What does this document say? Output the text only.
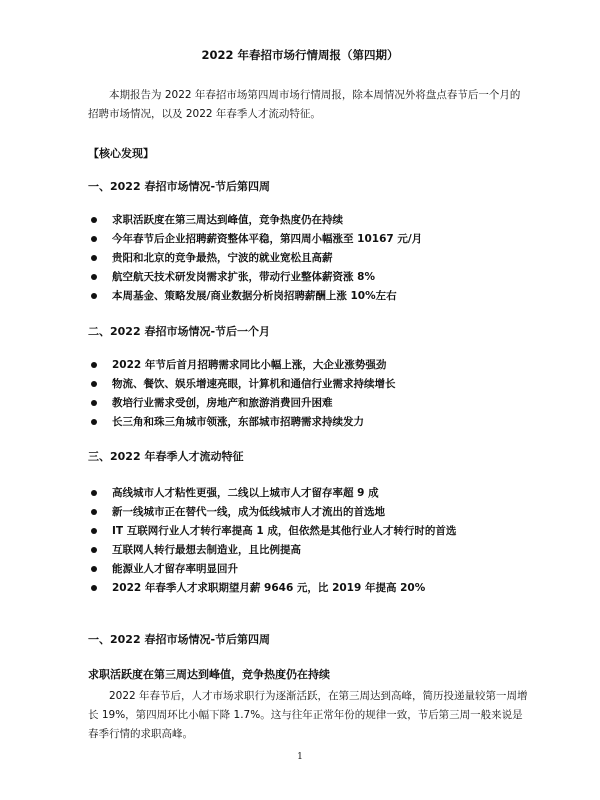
2022 年春招市场行情周报（第四期）
本期报告为 2022 年春招市场第四周市场行情周报，除本周情况外将盘点春节后一个月的招聘市场情况，以及 2022 年春季人才流动特征。
【核心发现】
一、2022 春招市场情况-节后第四周
求职活跃度在第三周达到峰值，竞争热度仍在持续
今年春节后企业招聘薪资整体平稳，第四周小幅涨至 10167 元/月
贵阳和北京的竞争最热，宁波的就业宽松且高薪
航空航天技术研发岗需求扩张，带动行业整体薪资涨 8%
本周基金、策略发展/商业数据分析岗招聘薪酬上涨 10%左右
二、2022 春招市场情况-节后一个月
2022 年节后首月招聘需求同比小幅上涨，大企业涨势强劲
物流、餐饮、娱乐增速亮眼，计算机和通信行业需求持续增长
教培行业需求受创，房地产和旅游消费回升困难
长三角和珠三角城市领涨，东部城市招聘需求持续发力
三、2022 年春季人才流动特征
高线城市人才粘性更强，二线以上城市人才留存率超 9 成
新一线城市正在替代一线，成为低线城市人才流出的首选地
IT 互联网行业人才转行率提高 1 成，但依然是其他行业人才转行时的首选
互联网人转行最想去制造业，且比例提高
能源业人才留存率明显回升
2022 年春季人才求职期望月薪 9646 元，比 2019 年提高 20%
一、2022 春招市场情况-节后第四周
求职活跃度在第三周达到峰值，竞争热度仍在持续
2022 年春节后，人才市场求职行为逐渐活跃，在第三周达到高峰，简历投递量较第一周增长 19%，第四周环比小幅下降 1.7%。这与往年正常年份的规律一致，节后第三周一般来说是春季行情的求职高峰。
1
